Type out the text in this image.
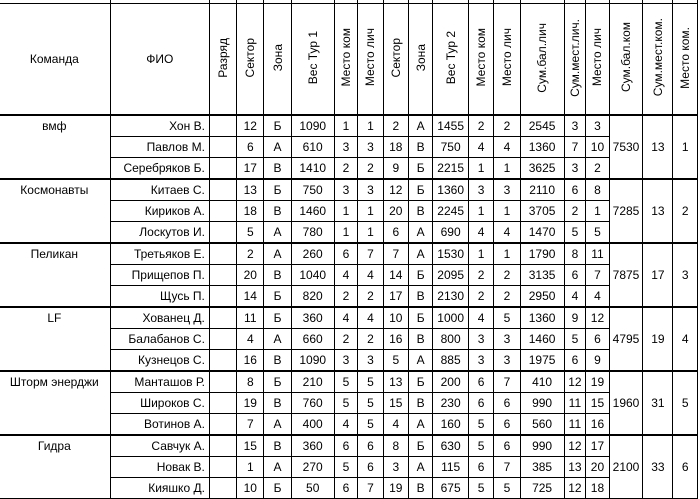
Команда	ФИО	Разряд	Сектор	Зона	Вес Тур 1	Место ком	Место лич	Сектор	Зона	Вес Тур 2	Место ком	Место лич	Сум.бал.лич	Сум.мест.лич.	Место лич	Сум.бал.ком	Сум.мест.ком.	Место ком.
вмф	Хон В.		12	Б	1090	1	1	2	А	1455	2	2	2545	3	3	7530	13	1
	Павлов М.		6	А	610	3	3	18	В	750	4	4	1360	7	10			
	Серебряков Б.		17	В	1410	2	2	9	Б	2215	1	1	3625	3	2			
Космонавты	Китаев С.		13	Б	750	3	3	12	Б	1360	3	3	2110	6	8	7285	13	2
	Кириков А.		18	В	1460	1	1	20	В	2245	1	1	3705	2	1			
	Лоскутов И.		5	А	780	1	1	6	А	690	4	4	1470	5	5			
Пеликан	Третьяков Е.		2	А	260	6	7	7	А	1530	1	1	1790	8	11	7875	17	3
	Прищепов П.		20	В	1040	4	4	14	Б	2095	2	2	3135	6	7			
	Щусь П.		14	Б	820	2	2	17	В	2130	2	2	2950	4	4			
LF	Хованец Д.		11	Б	360	4	4	10	Б	1000	4	5	1360	9	12	4795	19	4
	Балабанов С.		4	А	660	2	2	16	В	800	3	3	1460	5	6			
	Кузнецов С.		16	В	1090	3	3	5	А	885	3	3	1975	6	9			
Шторм энерджи	Манташов Р.		8	Б	210	5	5	13	Б	200	6	7	410	12	19	1960	31	5
	Широков С.		19	В	760	5	5	15	В	230	6	6	990	11	15			
	Вотинов А.		7	А	400	4	5	4	А	160	5	6	560	11	16			
Гидра	Савчук А.		15	В	360	6	6	8	Б	630	5	6	990	12	17	2100	33	6
	Новак В.		1	А	270	5	6	3	А	115	6	7	385	13	20			
	Кияшко Д.		10	Б	50	6	7	19	В	675	5	5	725	12	18			
